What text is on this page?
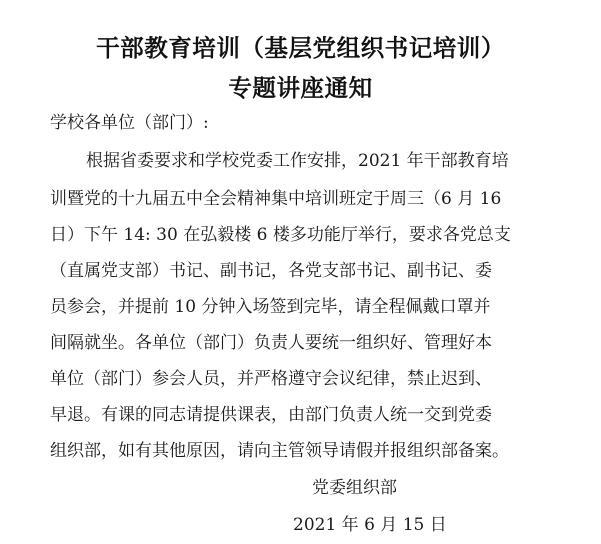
干部教育培训（基层党组织书记培训）
专题讲座通知
学校各单位（部门）:
根据省委要求和学校党委工作安排，2021 年干部教育培
训暨党的十九届五中全会精神集中培训班定于周三（6 月 16
日）下午 14: 30 在弘毅楼 6 楼多功能厅举行，要求各党总支
（直属党支部）书记、副书记，各党支部书记、副书记、委
员参会，并提前 10 分钟入场签到完毕，请全程佩戴口罩并
间隔就坐。各单位（部门）负责人要统一组织好、管理好本
单位（部门）参会人员，并严格遵守会议纪律，禁止迟到、
早退。有课的同志请提供课表，由部门负责人统一交到党委
组织部，如有其他原因，请向主管领导请假并报组织部备案。
党委组织部
2021 年 6 月 15 日
